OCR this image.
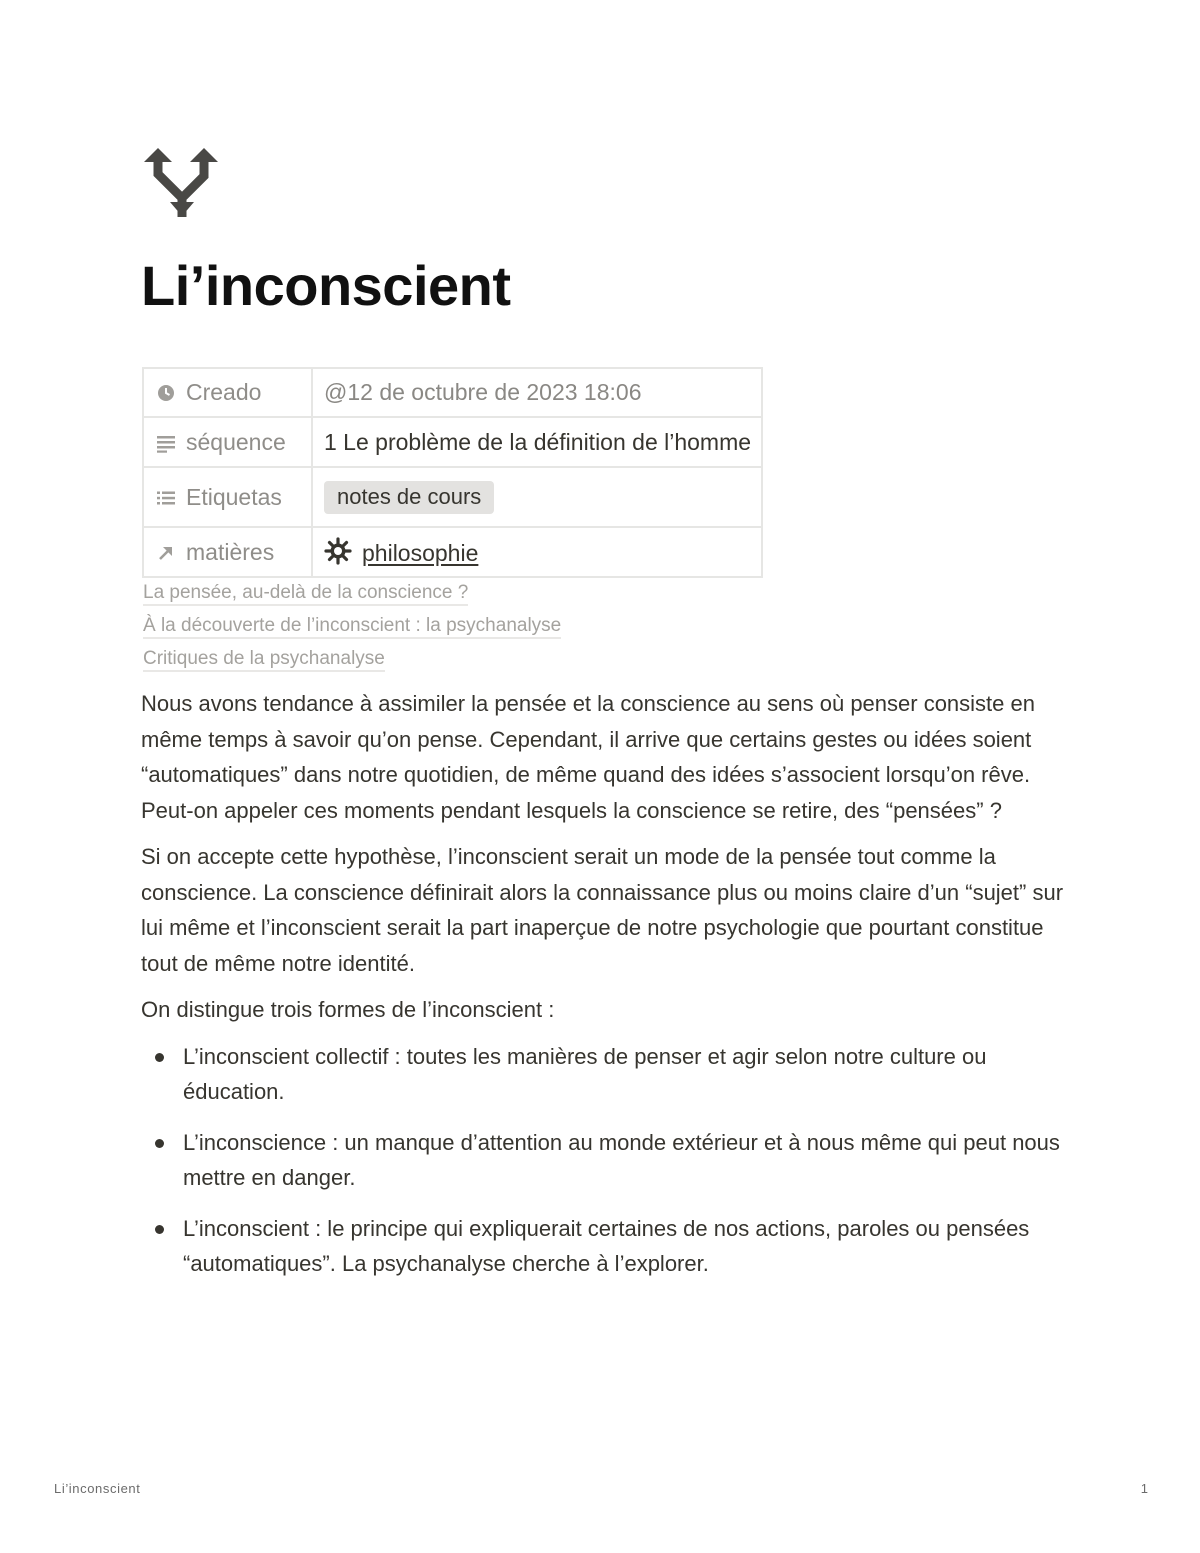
Li’inconscient
Creado	@12 de octubre de 2023 18:06
séquence	1 Le problème de la définition de l’homme
Etiquetas	notes de cours
matières	philosophie
La pensée, au-delà de la conscience ?
À la découverte de l’inconscient : la psychanalyse
Critiques de la psychanalyse

Nous avons tendance à assimiler la pensée et la conscience au sens où penser consiste en même temps à savoir qu’on pense. Cependant, il arrive que certains gestes ou idées soient “automatiques” dans notre quotidien, de même quand des idées s’associent lorsqu’on rêve. Peut-on appeler ces moments pendant lesquels la conscience se retire, des “pensées” ?

Si on accepte cette hypothèse, l’inconscient serait un mode de la pensée tout comme la conscience. La conscience définirait alors la connaissance plus ou moins claire d’un “sujet” sur lui même et l’inconscient serait la part inaperçue de notre psychologie que pourtant constitue tout de même notre identité.

On distingue trois formes de l’inconscient :

L’inconscient collectif : toutes les manières de penser et agir selon notre culture ou éducation.
L’inconscience : un manque d’attention au monde extérieur et à nous même qui peut nous mettre en danger.
L’inconscient : le principe qui expliquerait certaines de nos actions, paroles ou pensées “automatiques”. La psychanalyse cherche à l’explorer.
Li’inconscient	1
